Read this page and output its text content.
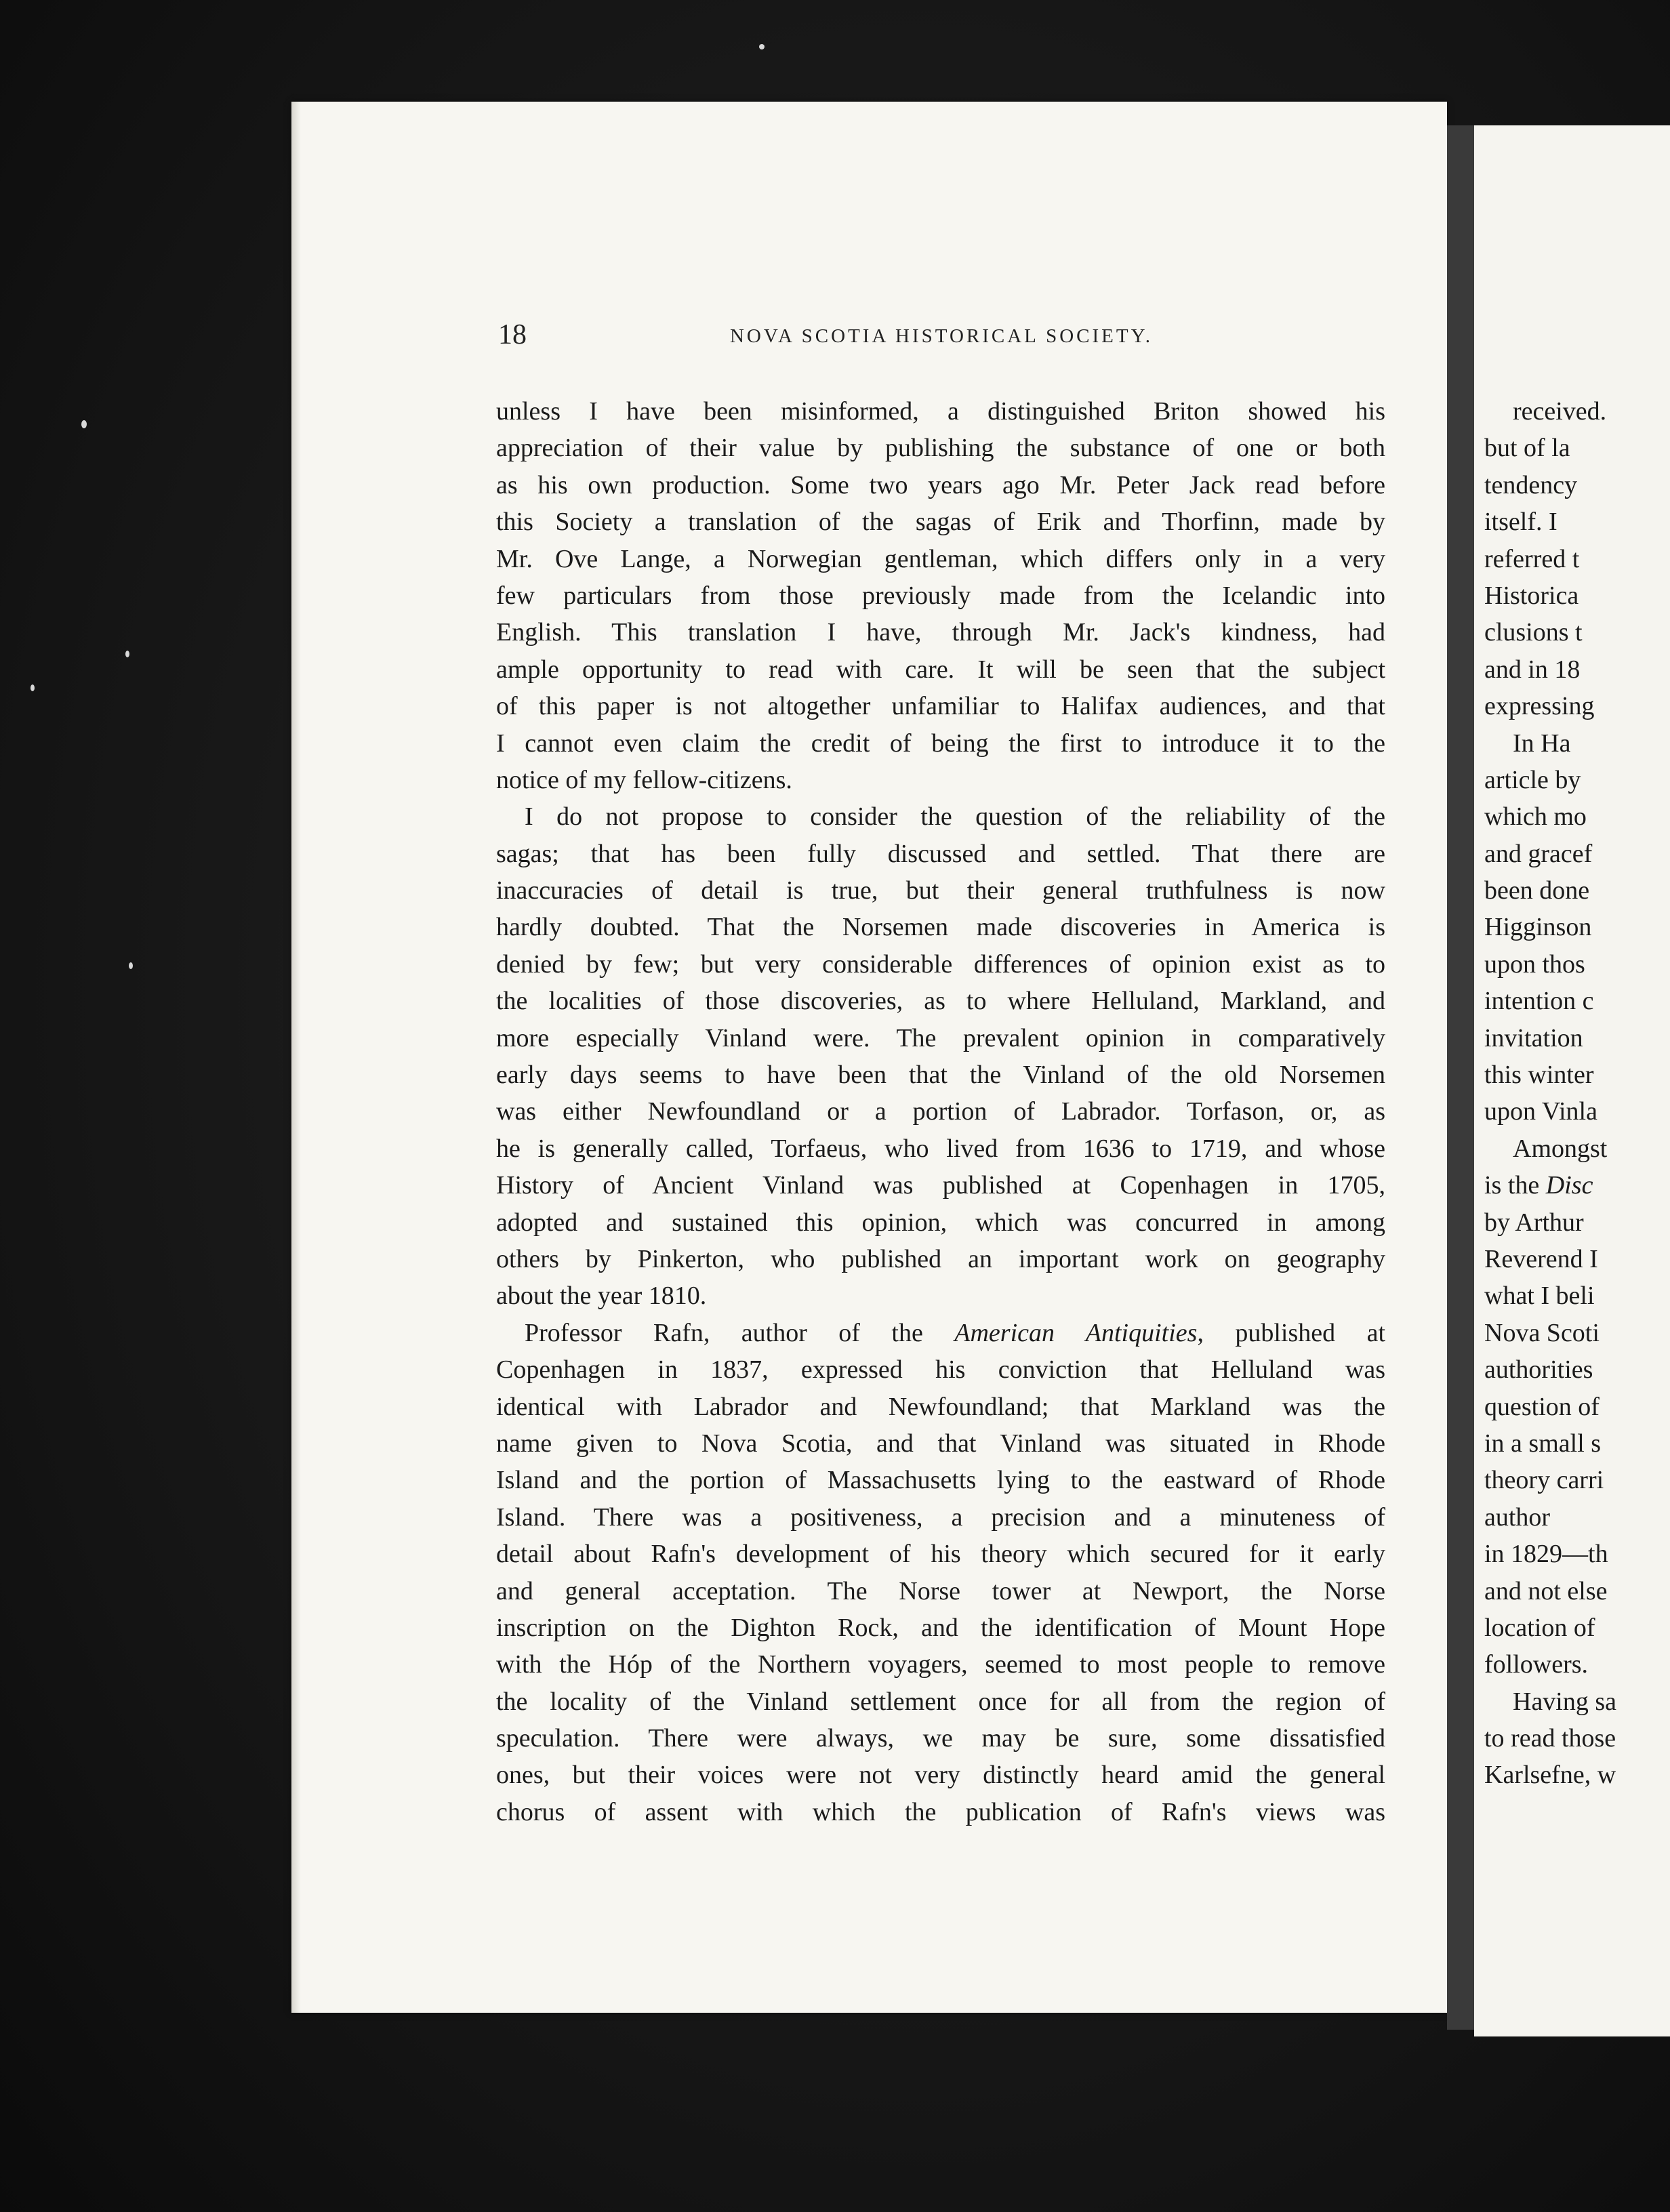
18	NOVA SCOTIA HISTORICAL SOCIETY.
unless I have been misinformed, a distinguished Briton showed his
appreciation of their value by publishing the substance of one or both
as his own production. Some two years ago Mr. Peter Jack read before
this Society a translation of the sagas of Erik and Thorfinn, made by
Mr. Ove Lange, a Norwegian gentleman, which differs only in a very
few particulars from those previously made from the Icelandic into
English. This translation I have, through Mr. Jack's kindness, had
ample opportunity to read with care. It will be seen that the subject
of this paper is not altogether unfamiliar to Halifax audiences, and that
I cannot even claim the credit of being the first to introduce it to the
notice of my fellow-citizens.
I do not propose to consider the question of the reliability of the
sagas; that has been fully discussed and settled. That there are
inaccuracies of detail is true, but their general truthfulness is now
hardly doubted. That the Norsemen made discoveries in America is
denied by few; but very considerable differences of opinion exist as to
the localities of those discoveries, as to where Helluland, Markland, and
more especially Vinland were. The prevalent opinion in comparatively
early days seems to have been that the Vinland of the old Norsemen
was either Newfoundland or a portion of Labrador. Torfason, or, as
he is generally called, Torfaeus, who lived from 1636 to 1719, and whose
History of Ancient Vinland was published at Copenhagen in 1705,
adopted and sustained this opinion, which was concurred in among
others by Pinkerton, who published an important work on geography
about the year 1810.
Professor Rafn, author of the American Antiquities, published at
Copenhagen in 1837, expressed his conviction that Helluland was
identical with Labrador and Newfoundland; that Markland was the
name given to Nova Scotia, and that Vinland was situated in Rhode
Island and the portion of Massachusetts lying to the eastward of Rhode
Island. There was a positiveness, a precision and a minuteness of
detail about Rafn's development of his theory which secured for it early
and general acceptation. The Norse tower at Newport, the Norse
inscription on the Dighton Rock, and the identification of Mount Hope
with the Hóp of the Northern voyagers, seemed to most people to remove
the locality of the Vinland settlement once for all from the region of
speculation. There were always, we may be sure, some dissatisfied
ones, but their voices were not very distinctly heard amid the general
chorus of assent with which the publication of Rafn's views was
received.
but of la
tendency
itself. I
referred t
Historica
clusions t
and in 18
expressing
In Ha
article by
which mo
and gracef
been done
Higginson
upon thos
intention c
invitation
this winter
upon Vinla
Amongst
is the Disc
by Arthur
Reverend I
what I beli
Nova Scoti
authorities
question of
in a small s
theory carri
author
in 1829—th
and not else
location of
followers.
Having sa
to read those
Karlsefne, w
